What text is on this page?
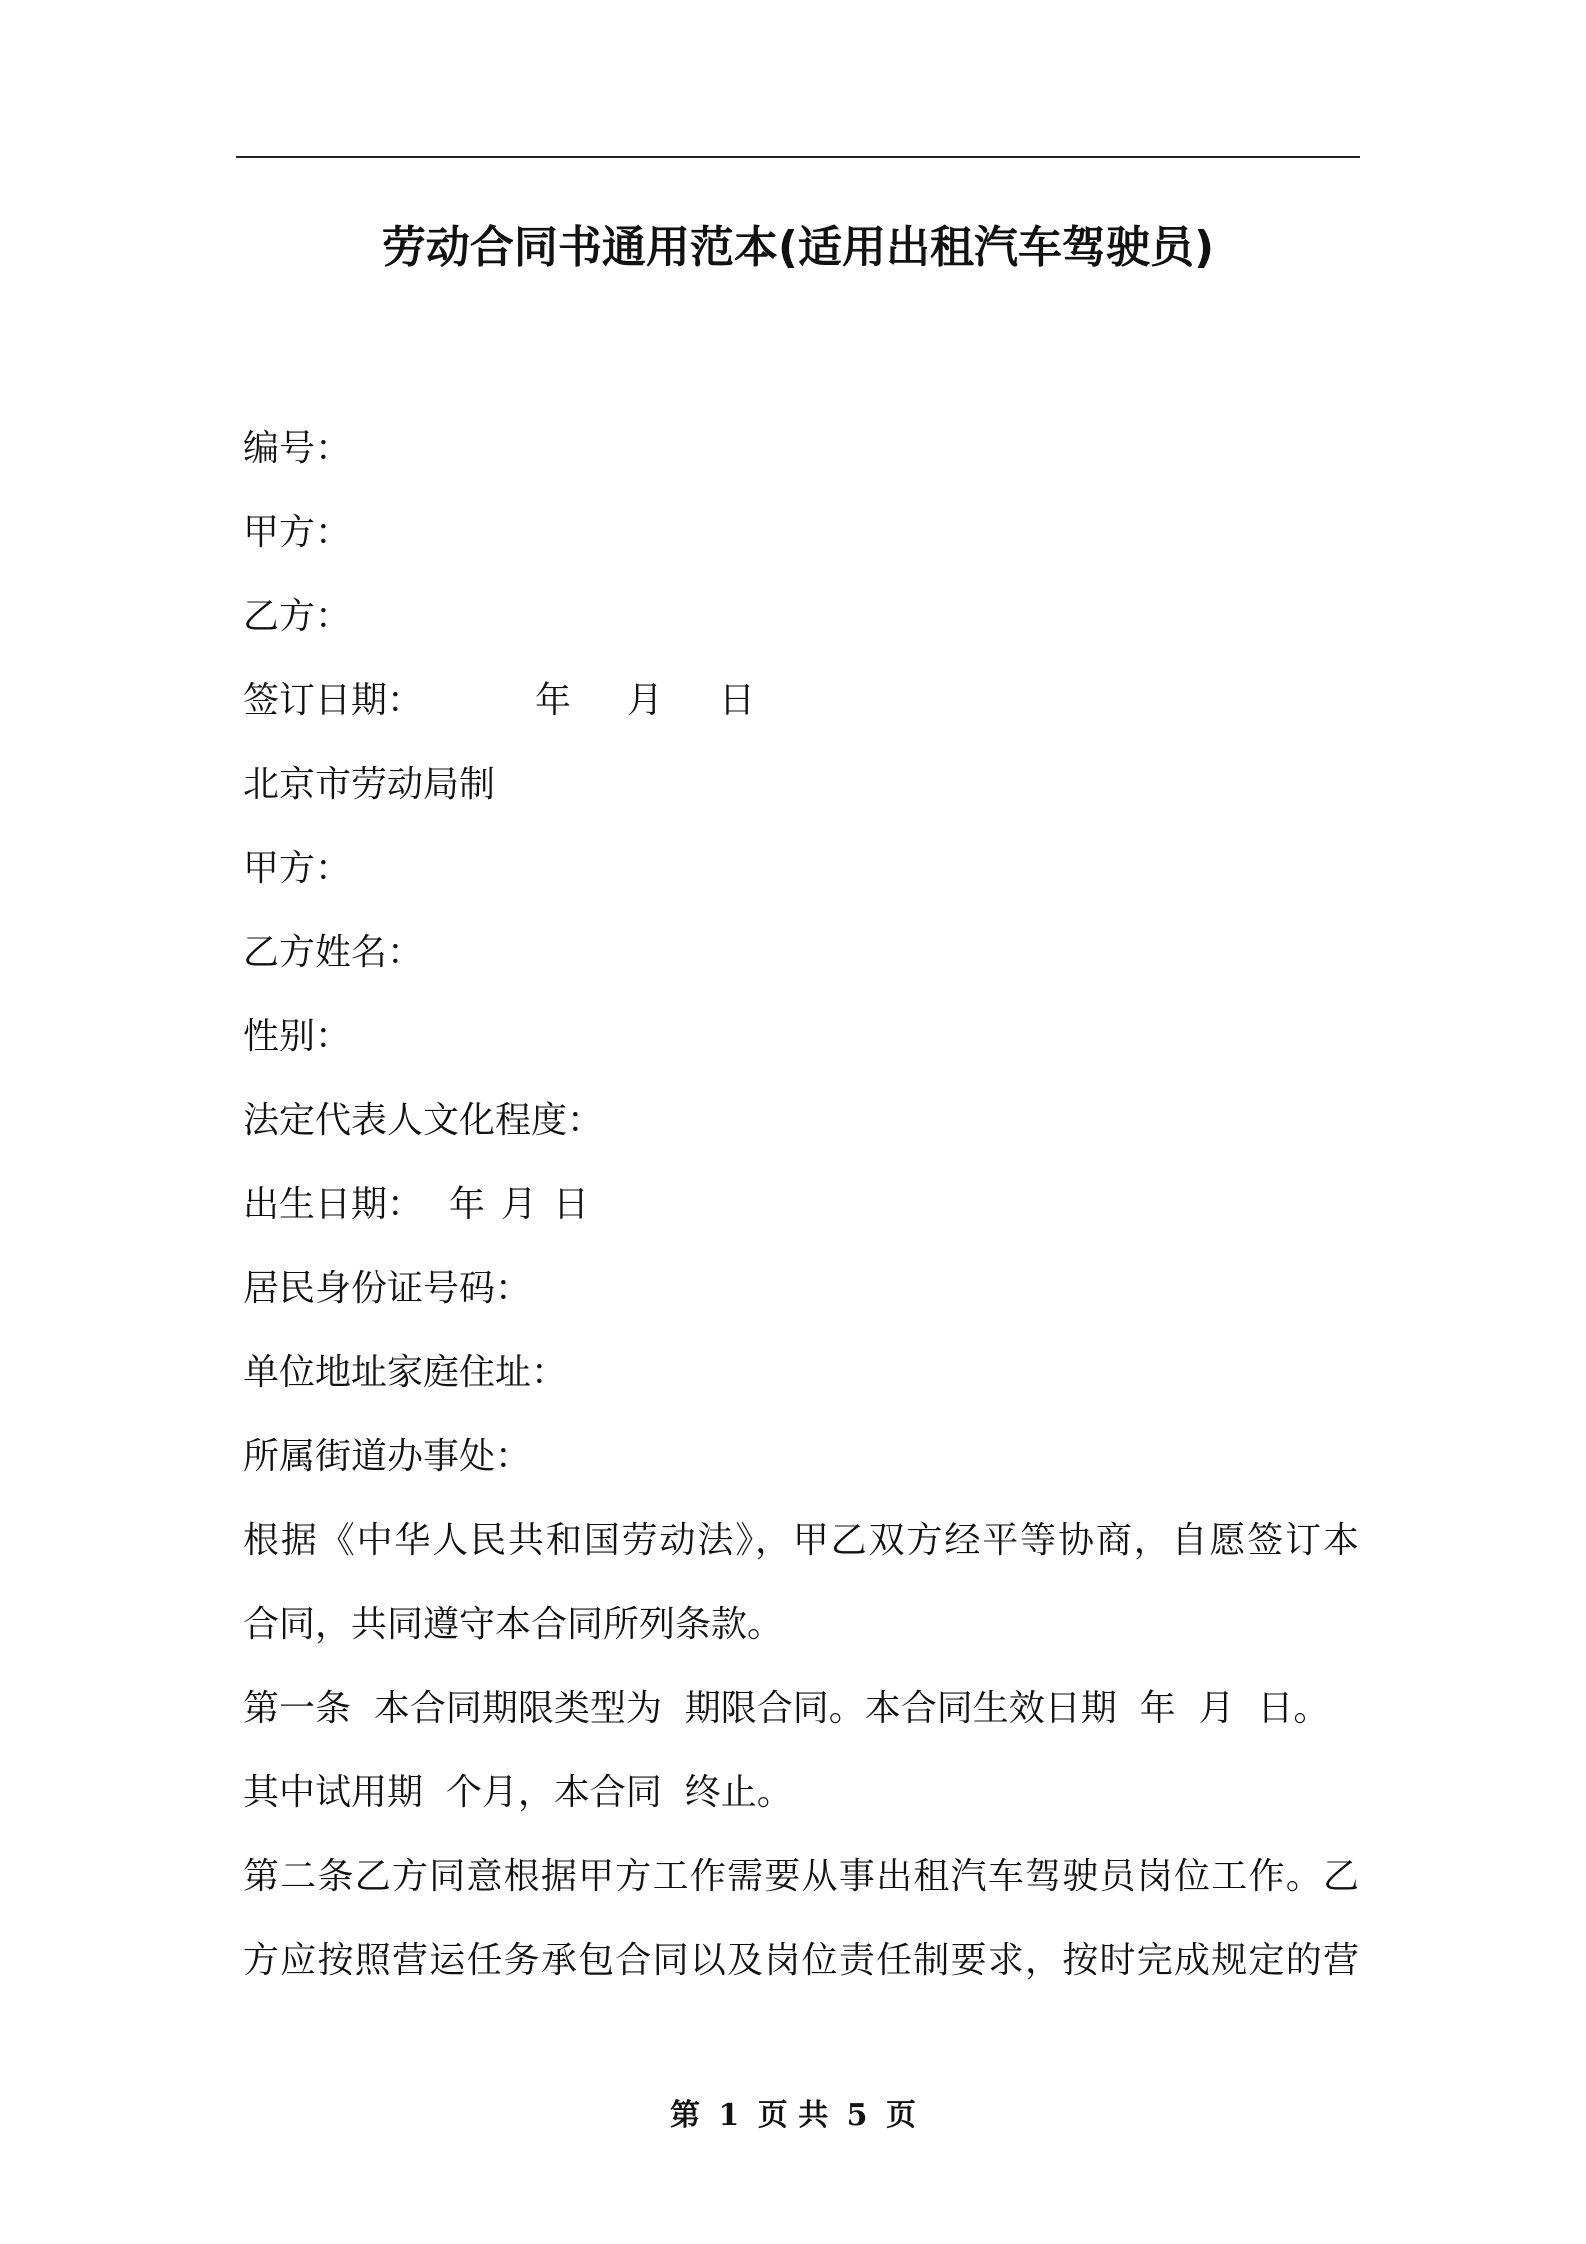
劳动合同书通用范本(适用出租汽车驾驶员)
编号：
甲方：
乙方：
签订日期：	年 月 日
北京市劳动局制
甲方：
乙方姓名：
性别：
法定代表人文化程度：
出生日期： 年 月 日
居民身份证号码：
单位地址家庭住址：
所属街道办事处：
根据《中华人民共和国劳动法》，甲乙双方经平等协商，自愿签订本
合同，共同遵守本合同所列条款。
第一条  本合同期限类型为  期限合同。本合同生效日期  年  月  日。
其中试用期  个月，本合同  终止。
第二条乙方同意根据甲方工作需要从事出租汽车驾驶员岗位工作。乙
方应按照营运任务承包合同以及岗位责任制要求，按时完成规定的营
第 1 页 共 5 页
